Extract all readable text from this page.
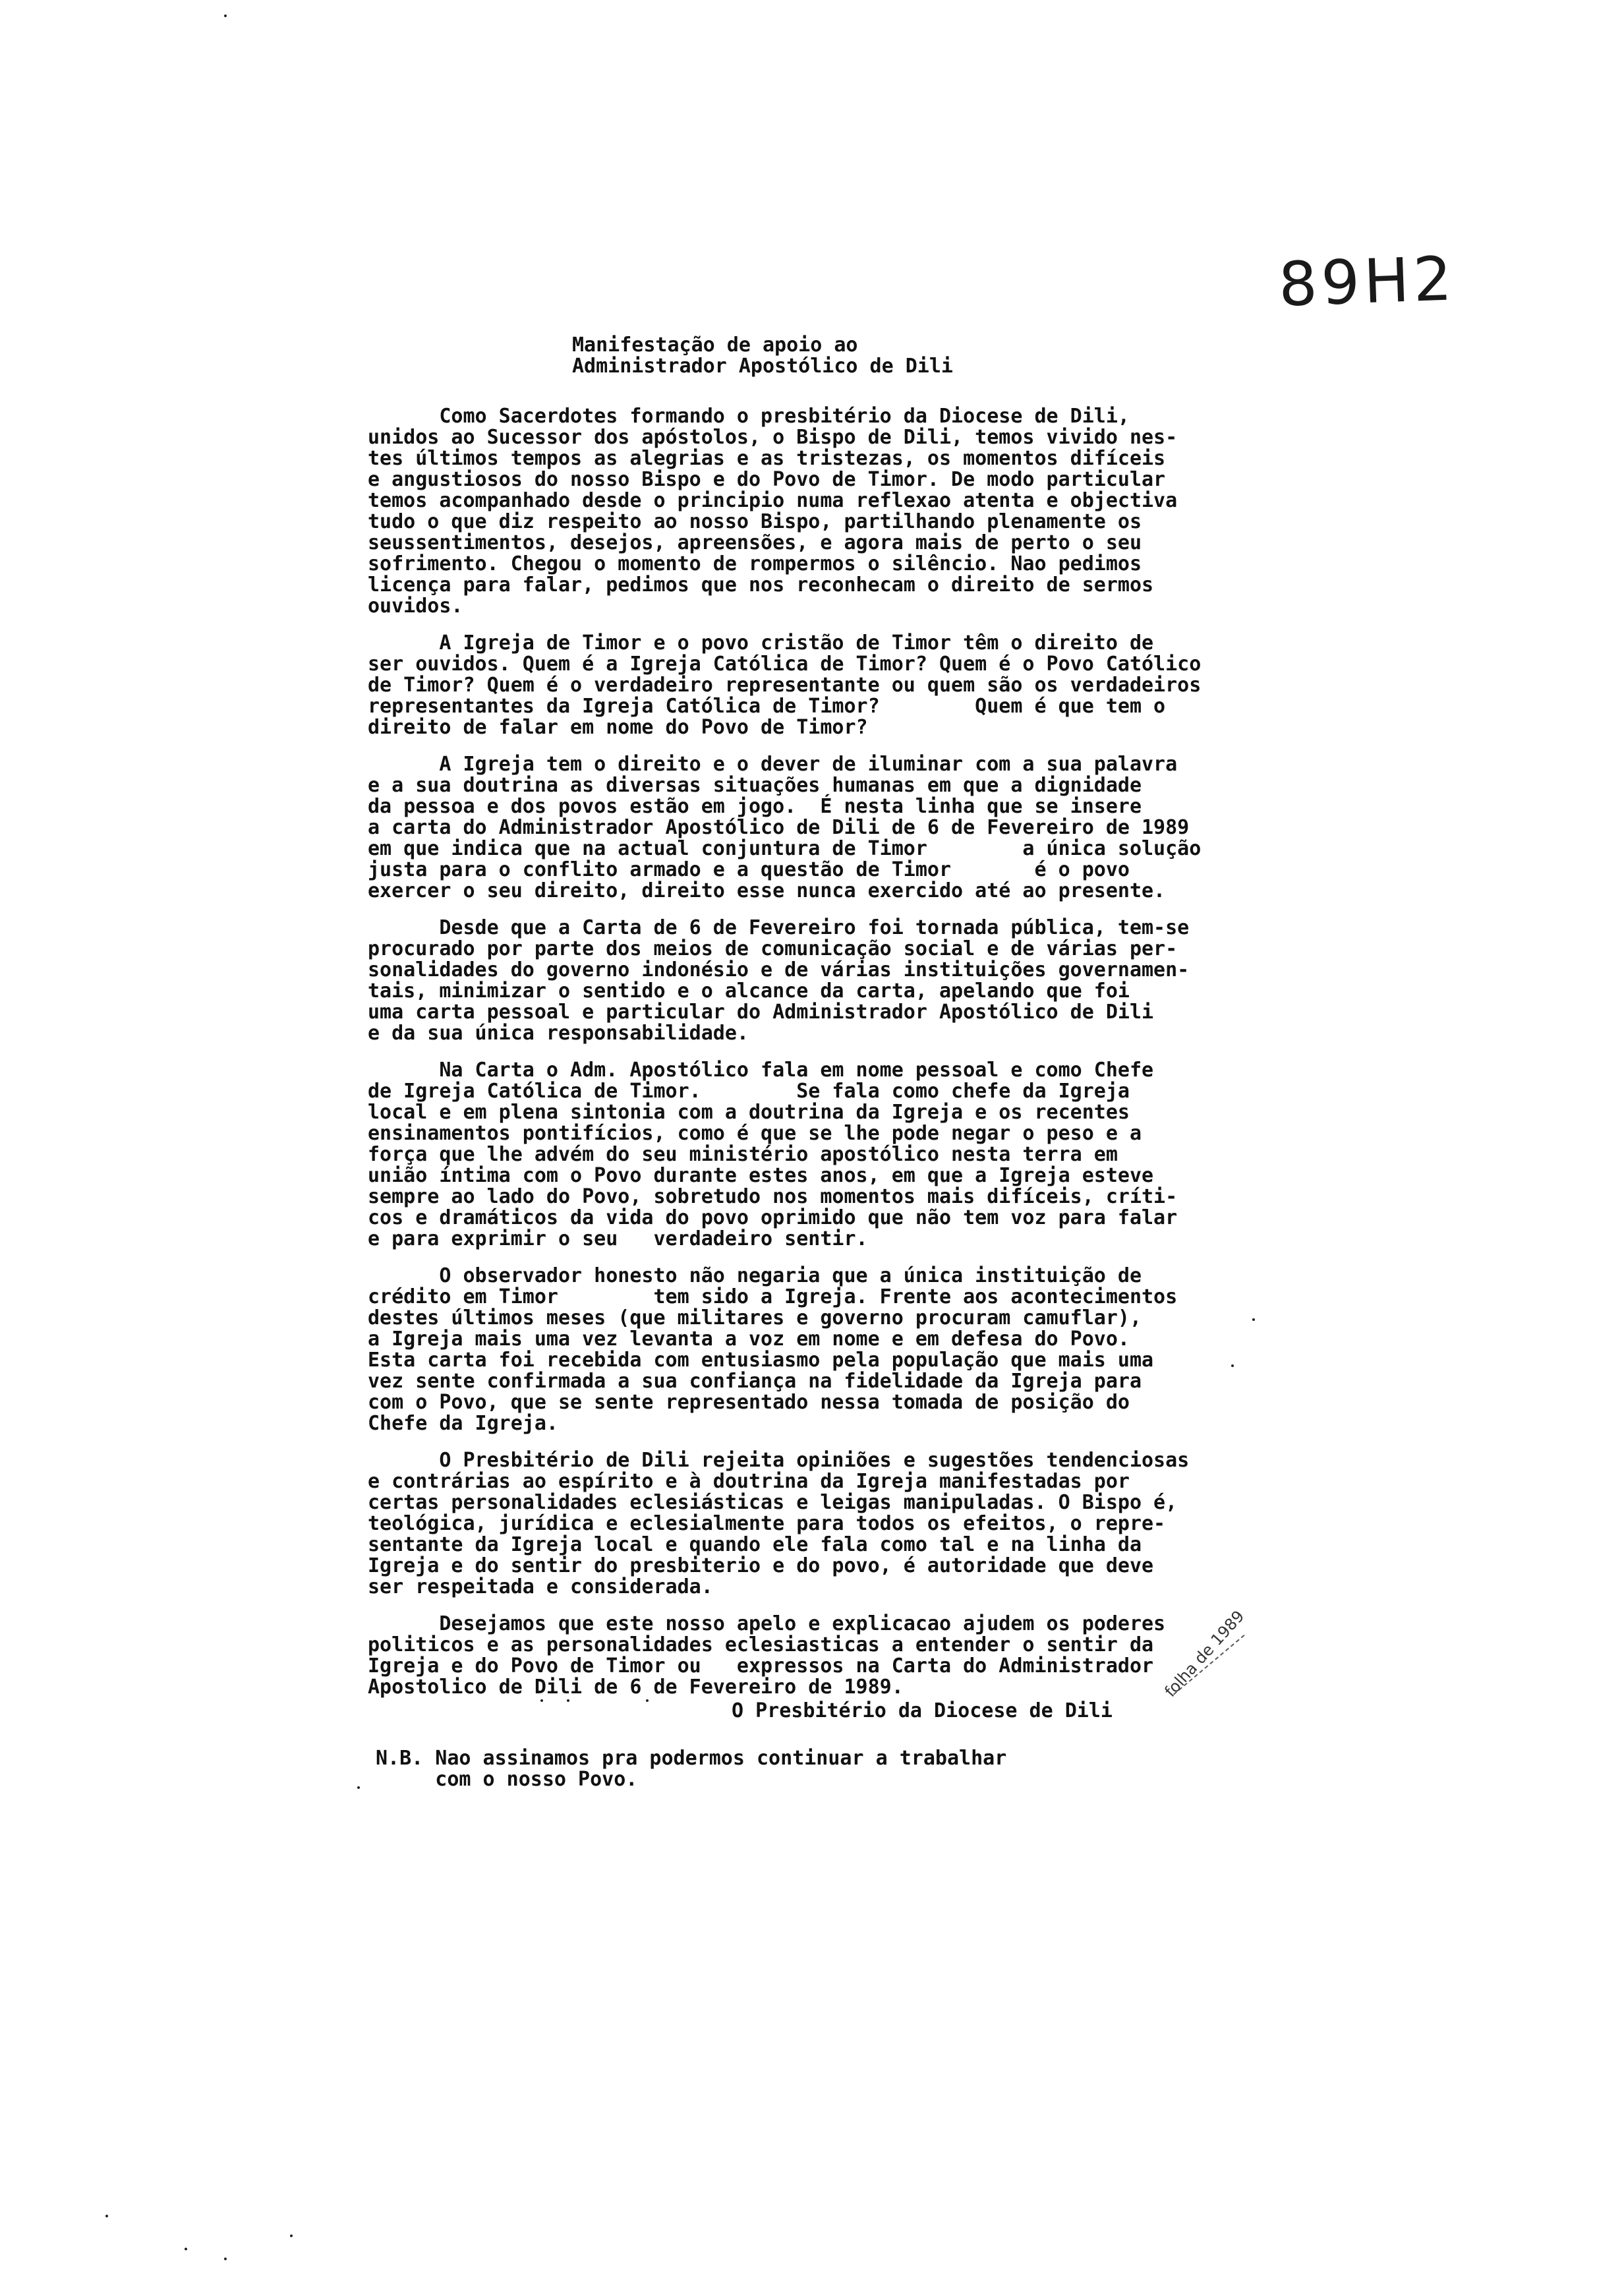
89H2
Manifestação de apoio ao
Administrador Apostólico de Dili
Como Sacerdotes formando o presbitério da Diocese de Dili,
unidos ao Sucessor dos apóstolos, o Bispo de Dili, temos vivido nes-
tes últimos tempos as alegrias e as tristezas, os momentos difíceis
e angustiosos do nosso Bispo e do Povo de Timor. De modo particular
temos acompanhado desde o principio numa reflexao atenta e objectiva
tudo o que diz respeito ao nosso Bispo, partilhando plenamente os
seussentimentos, desejos, apreensões, e agora mais de perto o seu
sofrimento. Chegou o momento de rompermos o silêncio. Nao pedimos
licença para falar, pedimos que nos reconhecam o direito de sermos
ouvidos.
A Igreja de Timor e o povo cristão de Timor têm o direito de
ser ouvidos. Quem é a Igreja Católica de Timor? Quem é o Povo Católico
de Timor? Quem é o verdadeiro representante ou quem são os verdadeiros
representantes da Igreja Católica de Timor?        Quem é que tem o
direito de falar em nome do Povo de Timor?
A Igreja tem o direito e o dever de iluminar com a sua palavra
e a sua doutrina as diversas situações humanas em que a dignidade
da pessoa e dos povos estão em jogo.  É nesta linha que se insere
a carta do Administrador Apostólico de Dili de 6 de Fevereiro de 1989
em que indica que na actual conjuntura de Timor        a única solução
justa para o conflito armado e a questão de Timor       é o povo
exercer o seu direito, direito esse nunca exercido até ao presente.
Desde que a Carta de 6 de Fevereiro foi tornada pública, tem-se
procurado por parte dos meios de comunicação social e de várias per-
sonalidades do governo indonésio e de várias instituições governamen-
tais, minimizar o sentido e o alcance da carta, apelando que foi
uma carta pessoal e particular do Administrador Apostólico de Dili
e da sua única responsabilidade.
Na Carta o Adm. Apostólico fala em nome pessoal e como Chefe
de Igreja Católica de Timor.        Se fala como chefe da Igreja
local e em plena sintonia com a doutrina da Igreja e os recentes
ensinamentos pontifícios, como é que se lhe pode negar o peso e a
força que lhe advém do seu ministério apostólico nesta terra em
união íntima com o Povo durante estes anos, em que a Igreja esteve
sempre ao lado do Povo, sobretudo nos momentos mais difíceis, críti-
cos e dramáticos da vida do povo oprimido que não tem voz para falar
e para exprimir o seu   verdadeiro sentir.
O observador honesto não negaria que a única instituição de
crédito em Timor        tem sido a Igreja. Frente aos acontecimentos
destes últimos meses (que militares e governo procuram camuflar),
a Igreja mais uma vez levanta a voz em nome e em defesa do Povo.
Esta carta foi recebida com entusiasmo pela população que mais uma
vez sente confirmada a sua confiança na fidelidade da Igreja para
com o Povo, que se sente representado nessa tomada de posição do
Chefe da Igreja.
O Presbitério de Dili rejeita opiniões e sugestões tendenciosas
e contrárias ao espírito e à doutrina da Igreja manifestadas por
certas personalidades eclesiásticas e leigas manipuladas. O Bispo é,
teológica, jurídica e eclesialmente para todos os efeitos, o repre-
sentante da Igreja local e quando ele fala como tal e na linha da
Igreja e do sentir do presbiterio e do povo, é autoridade que deve
ser respeitada e considerada.
Desejamos que este nosso apelo e explicacao ajudem os poderes
politicos e as personalidades eclesiasticas a entender o sentir da
Igreja e do Povo de Timor ou   expressos na Carta do Administrador
Apostolico de Dili de 6 de Fevereiro de 1989.
O Presbitério da Diocese de Dili
N.B. Nao assinamos pra podermos continuar a trabalhar
com o nosso Povo.
folha de 1989
